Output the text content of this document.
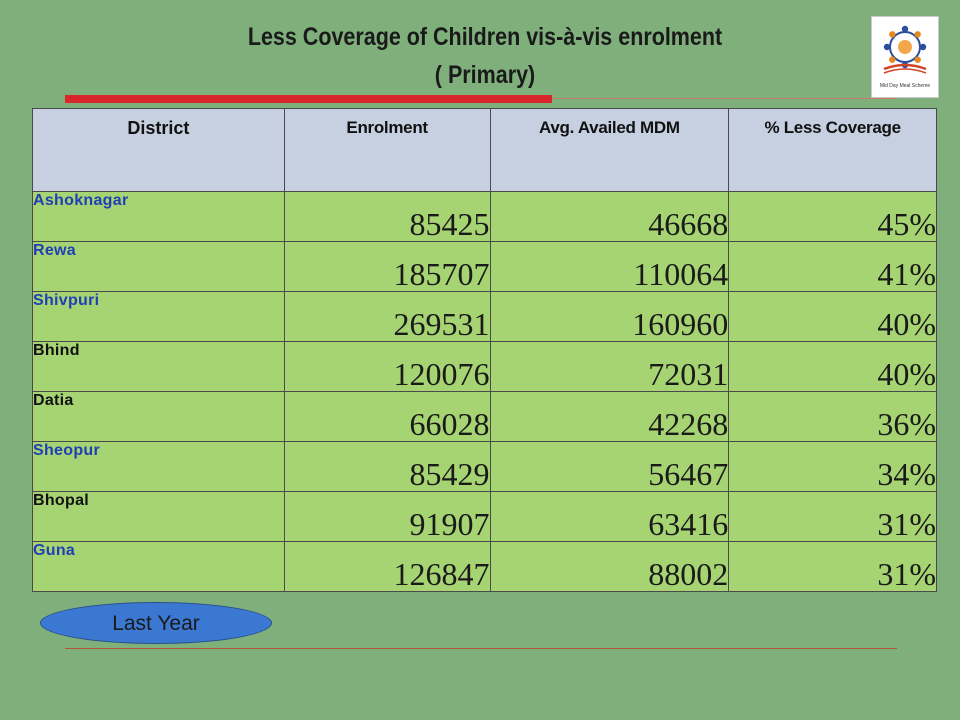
Less Coverage of Children vis-à-vis enrolment
( Primary)	Mid Day Meal Scheme
District	Enrolment	Avg. Availed MDM	% Less Coverage
Ashoknagar	85425	46668	45%
Rewa	185707	110064	41%
Shivpuri	269531	160960	40%
Bhind	120076	72031	40%
Datia	66028	42268	36%
Sheopur	85429	56467	34%
Bhopal	91907	63416	31%
Guna	126847	88002	31%
Last Year
